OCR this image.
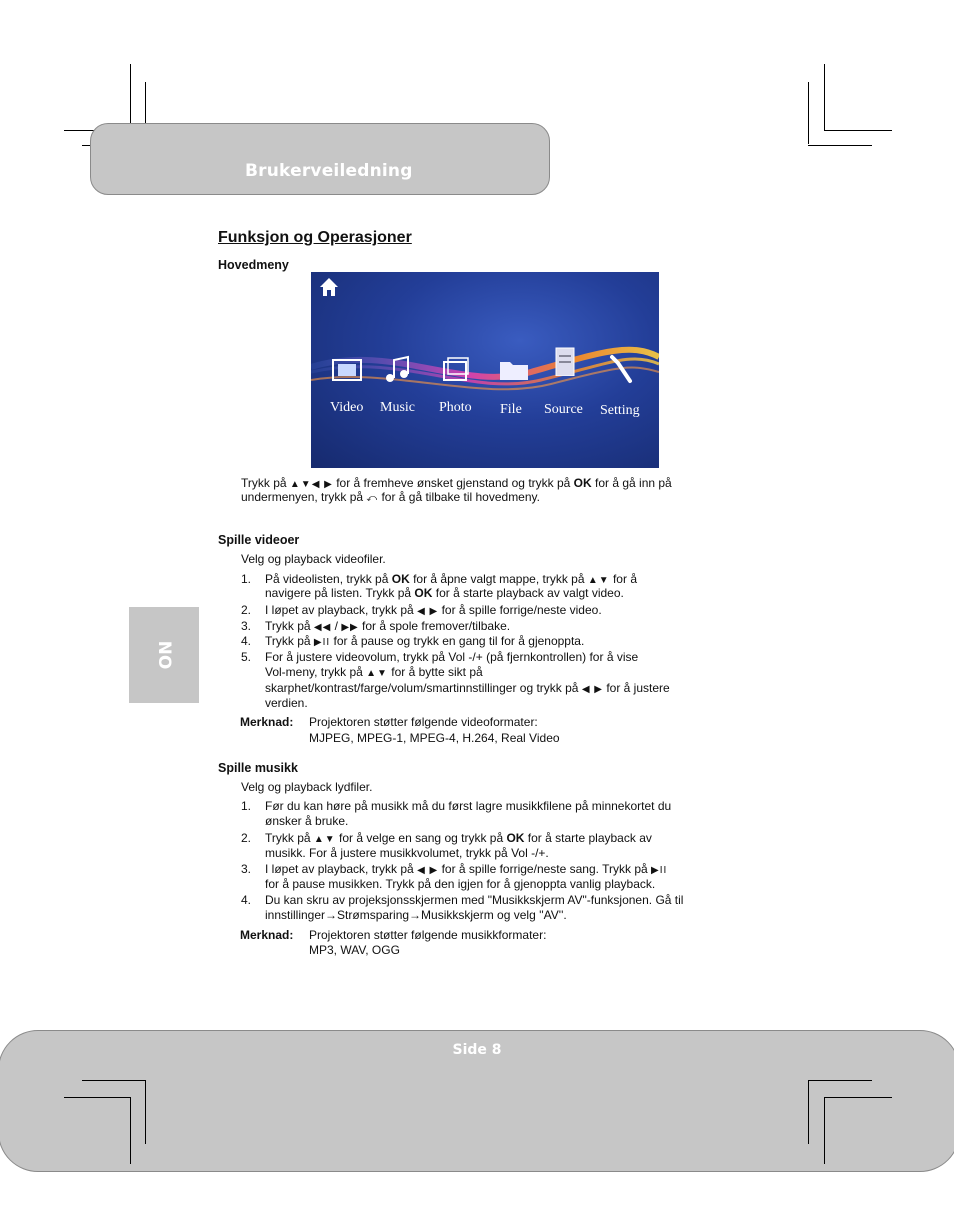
Brukerveiledning
NO
Funksjon og Operasjoner
Hovedmeny
Video Music Photo File Source Setting
Trykk på ▲▼◀ ▶ for å fremheve ønsket gjenstand og trykk på OK for å gå inn på
undermenyen, trykk på ⤺ for å gå tilbake til hovedmeny.
Spille videoer
Velg og playback videofiler.
1. På videolisten, trykk på OK for å åpne valgt mappe, trykk på ▲▼ for å
navigere på listen. Trykk på OK for å starte playback av valgt video.
2. I løpet av playback, trykk på ◀ ▶ for å spille forrige/neste video.
3. Trykk på ◀◀ / ▶▶ for å spole fremover/tilbake.
4. Trykk på ▶II for å pause og trykk en gang til for å gjenoppta.
5. For å justere videovolum, trykk på Vol -/+ (på fjernkontrollen) for å vise
Vol-meny, trykk på ▲▼ for å bytte sikt på
skarphet/kontrast/farge/volum/smartinnstillinger og trykk på ◀ ▶ for å justere
verdien.
Merknad: Projektoren støtter følgende videoformater:
MJPEG, MPEG-1, MPEG-4, H.264, Real Video
Spille musikk
Velg og playback lydfiler.
1. Før du kan høre på musikk må du først lagre musikkfilene på minnekortet du
ønsker å bruke.
2. Trykk på ▲▼ for å velge en sang og trykk på OK for å starte playback av
musikk. For å justere musikkvolumet, trykk på Vol -/+.
3. I løpet av playback, trykk på ◀ ▶ for å spille forrige/neste sang. Trykk på ▶II
for å pause musikken. Trykk på den igjen for å gjenoppta vanlig playback.
4. Du kan skru av projeksjonsskjermen med "Musikkskjerm AV"-funksjonen. Gå til
innstillinger→Strømsparing→Musikkskjerm og velg ''AV''.
Merknad: Projektoren støtter følgende musikkformater:
MP3, WAV, OGG
Side 8
